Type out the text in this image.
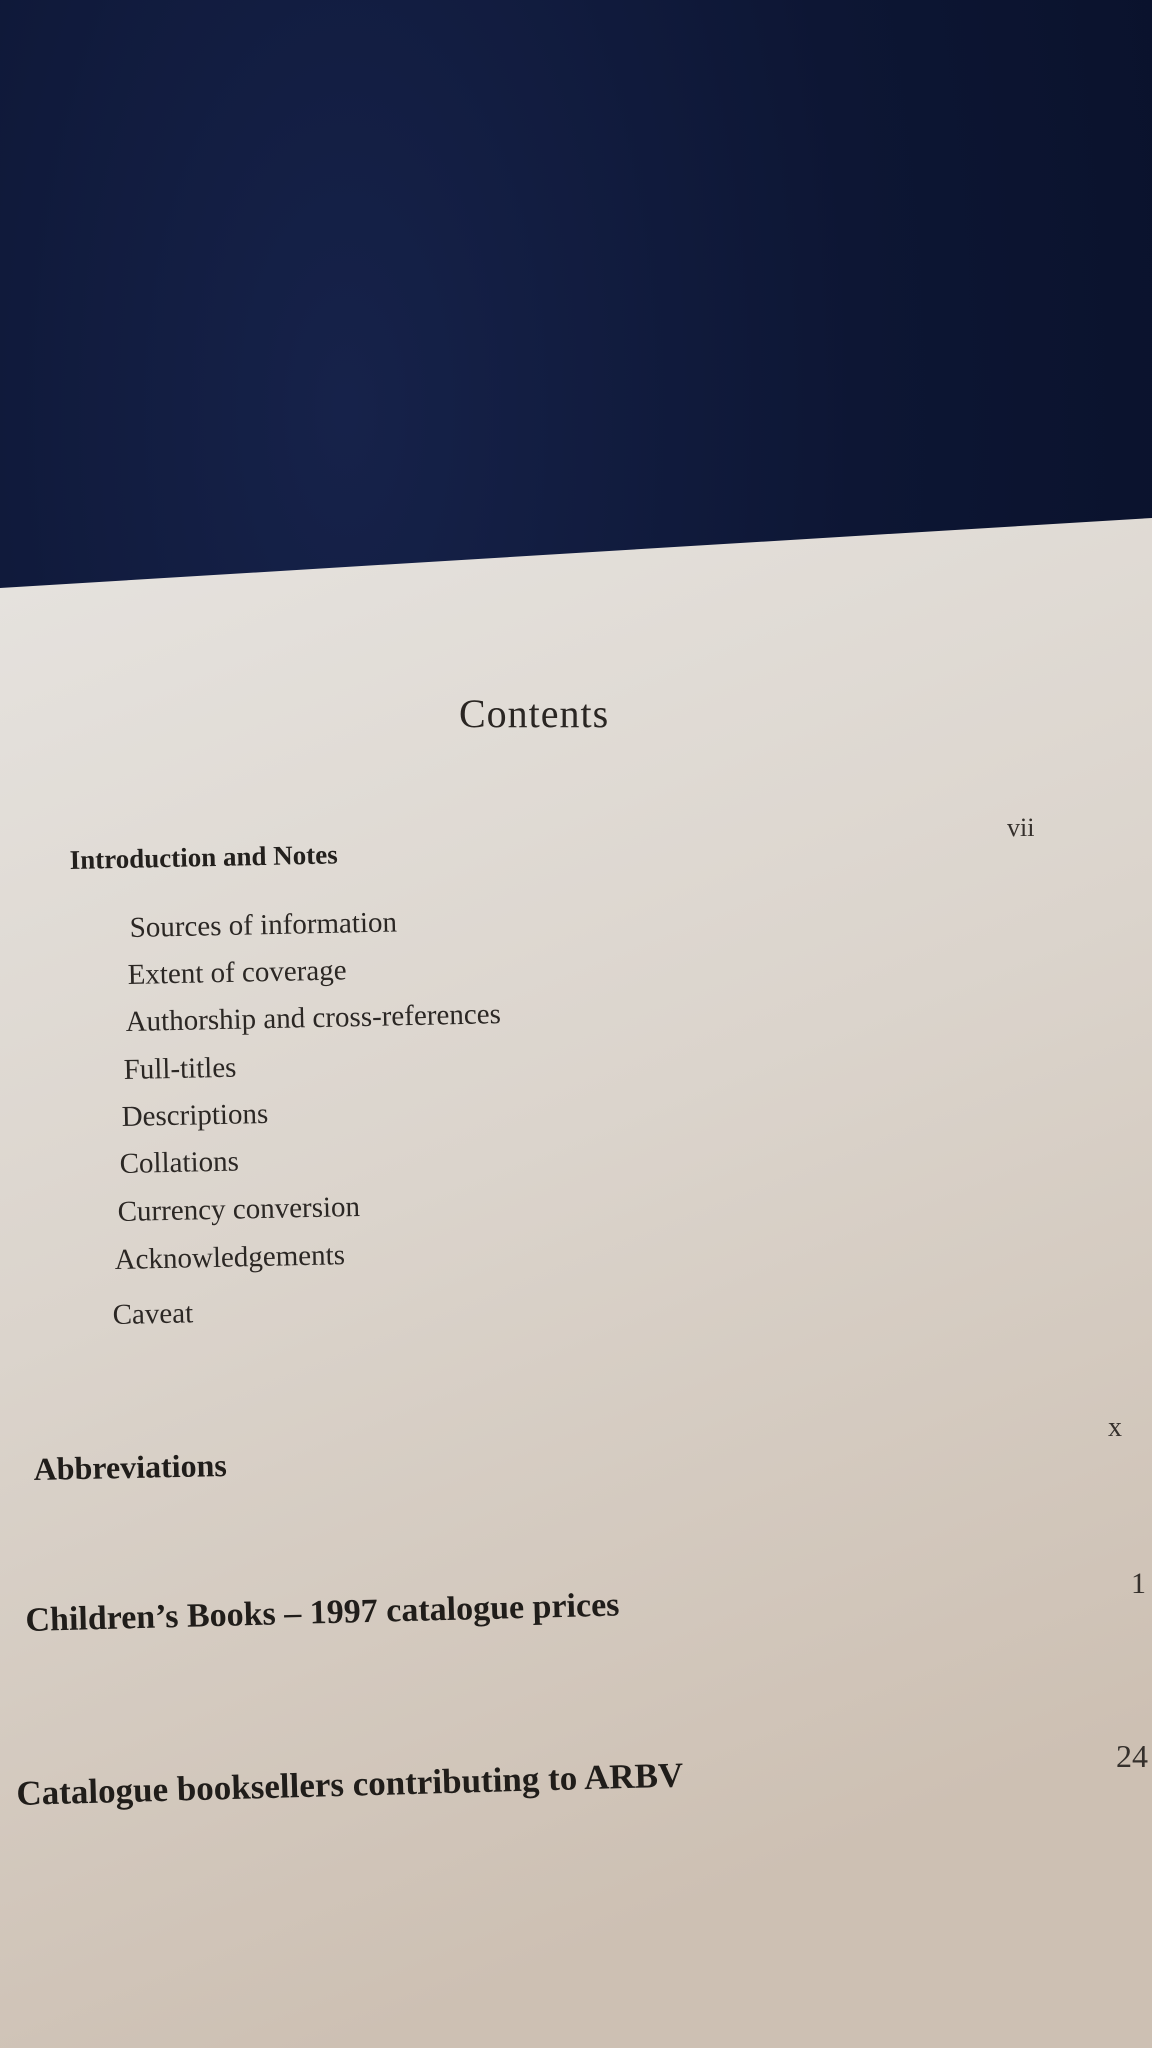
Contents
Introduction and Notes
vii
Sources of information
Extent of coverage
Authorship and cross-references
Full-titles
Descriptions
Collations
Currency conversion
Acknowledgements
Caveat
Abbreviations
x
Children’s Books – 1997 catalogue prices
1
Catalogue booksellers contributing to ARBV	24
